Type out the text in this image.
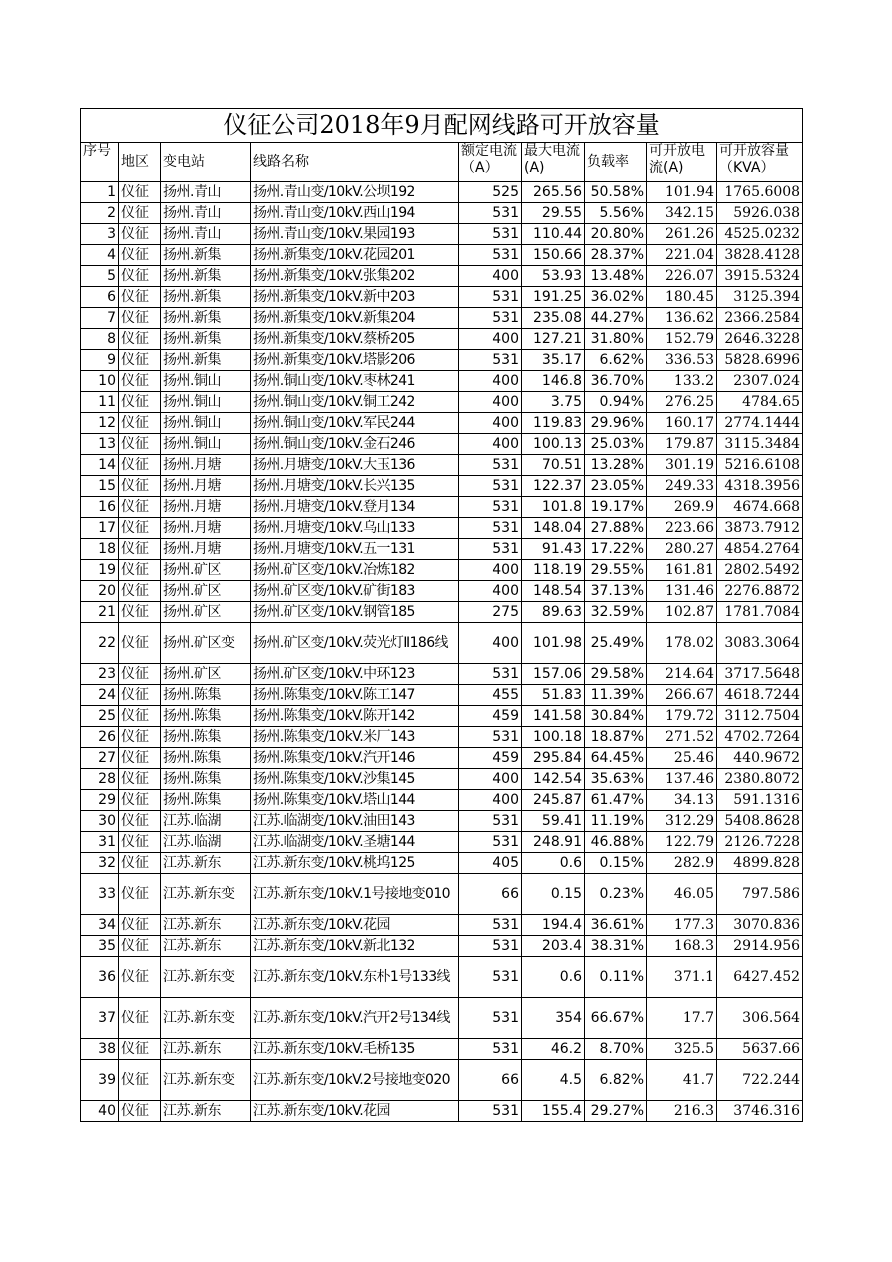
仪征公司2018年9月配网线路可开放容量								
序号	地区	变电站	线路名称	额定电流（A）	最大电流(A)	负载率	可开放电流(A)	可开放容量（KVA）
1	仪征	扬州.青山	扬州.青山变/10kV.公坝192	525	265.56	50.58%	101.94	1765.6008
2	仪征	扬州.青山	扬州.青山变/10kV.西山194	531	29.55	5.56%	342.15	5926.038
3	仪征	扬州.青山	扬州.青山变/10kV.果园193	531	110.44	20.80%	261.26	4525.0232
4	仪征	扬州.新集	扬州.新集变/10kV.花园201	531	150.66	28.37%	221.04	3828.4128
5	仪征	扬州.新集	扬州.新集变/10kV.张集202	400	53.93	13.48%	226.07	3915.5324
6	仪征	扬州.新集	扬州.新集变/10kV.新中203	531	191.25	36.02%	180.45	3125.394
7	仪征	扬州.新集	扬州.新集变/10kV.新集204	531	235.08	44.27%	136.62	2366.2584
8	仪征	扬州.新集	扬州.新集变/10kV.蔡桥205	400	127.21	31.80%	152.79	2646.3228
9	仪征	扬州.新集	扬州.新集变/10kV.塔影206	531	35.17	6.62%	336.53	5828.6996
10	仪征	扬州.铜山	扬州.铜山变/10kV.枣林241	400	146.8	36.70%	133.2	2307.024
11	仪征	扬州.铜山	扬州.铜山变/10kV.铜工242	400	3.75	0.94%	276.25	4784.65
12	仪征	扬州.铜山	扬州.铜山变/10kV.军民244	400	119.83	29.96%	160.17	2774.1444
13	仪征	扬州.铜山	扬州.铜山变/10kV.金石246	400	100.13	25.03%	179.87	3115.3484
14	仪征	扬州.月塘	扬州.月塘变/10kV.大玉136	531	70.51	13.28%	301.19	5216.6108
15	仪征	扬州.月塘	扬州.月塘变/10kV.长兴135	531	122.37	23.05%	249.33	4318.3956
16	仪征	扬州.月塘	扬州.月塘变/10kV.登月134	531	101.8	19.17%	269.9	4674.668
17	仪征	扬州.月塘	扬州.月塘变/10kV.乌山133	531	148.04	27.88%	223.66	3873.7912
18	仪征	扬州.月塘	扬州.月塘变/10kV.五一131	531	91.43	17.22%	280.27	4854.2764
19	仪征	扬州.矿区	扬州.矿区变/10kV.冶炼182	400	118.19	29.55%	161.81	2802.5492
20	仪征	扬州.矿区	扬州.矿区变/10kV.矿街183	400	148.54	37.13%	131.46	2276.8872
21	仪征	扬州.矿区	扬州.矿区变/10kV.钢管185	275	89.63	32.59%	102.87	1781.7084
22	仪征	扬州.矿区变	扬州.矿区变/10kV.荧光灯Ⅱ186线	400	101.98	25.49%	178.02	3083.3064
23	仪征	扬州.矿区	扬州.矿区变/10kV.中环123	531	157.06	29.58%	214.64	3717.5648
24	仪征	扬州.陈集	扬州.陈集变/10kV.陈工147	455	51.83	11.39%	266.67	4618.7244
25	仪征	扬州.陈集	扬州.陈集变/10kV.陈开142	459	141.58	30.84%	179.72	3112.7504
26	仪征	扬州.陈集	扬州.陈集变/10kV.米厂143	531	100.18	18.87%	271.52	4702.7264
27	仪征	扬州.陈集	扬州.陈集变/10kV.汽开146	459	295.84	64.45%	25.46	440.9672
28	仪征	扬州.陈集	扬州.陈集变/10kV.沙集145	400	142.54	35.63%	137.46	2380.8072
29	仪征	扬州.陈集	扬州.陈集变/10kV.塔山144	400	245.87	61.47%	34.13	591.1316
30	仪征	江苏.临湖	江苏.临湖变/10kV.油田143	531	59.41	11.19%	312.29	5408.8628
31	仪征	江苏.临湖	江苏.临湖变/10kV.圣塘144	531	248.91	46.88%	122.79	2126.7228
32	仪征	江苏.新东	江苏.新东变/10kV.桃坞125	405	0.6	0.15%	282.9	4899.828
33	仪征	江苏.新东变	江苏.新东变/10kV.1号接地变010	66	0.15	0.23%	46.05	797.586
34	仪征	江苏.新东	江苏.新东变/10kV.花园	531	194.4	36.61%	177.3	3070.836
35	仪征	江苏.新东	江苏.新东变/10kV.新北132	531	203.4	38.31%	168.3	2914.956
36	仪征	江苏.新东变	江苏.新东变/10kV.东朴1号133线	531	0.6	0.11%	371.1	6427.452
37	仪征	江苏.新东变	江苏.新东变/10kV.汽开2号134线	531	354	66.67%	17.7	306.564
38	仪征	江苏.新东	江苏.新东变/10kV.毛桥135	531	46.2	8.70%	325.5	5637.66
39	仪征	江苏.新东变	江苏.新东变/10kV.2号接地变020	66	4.5	6.82%	41.7	722.244
40	仪征	江苏.新东	江苏.新东变/10kV.花园	531	155.4	29.27%	216.3	3746.316
